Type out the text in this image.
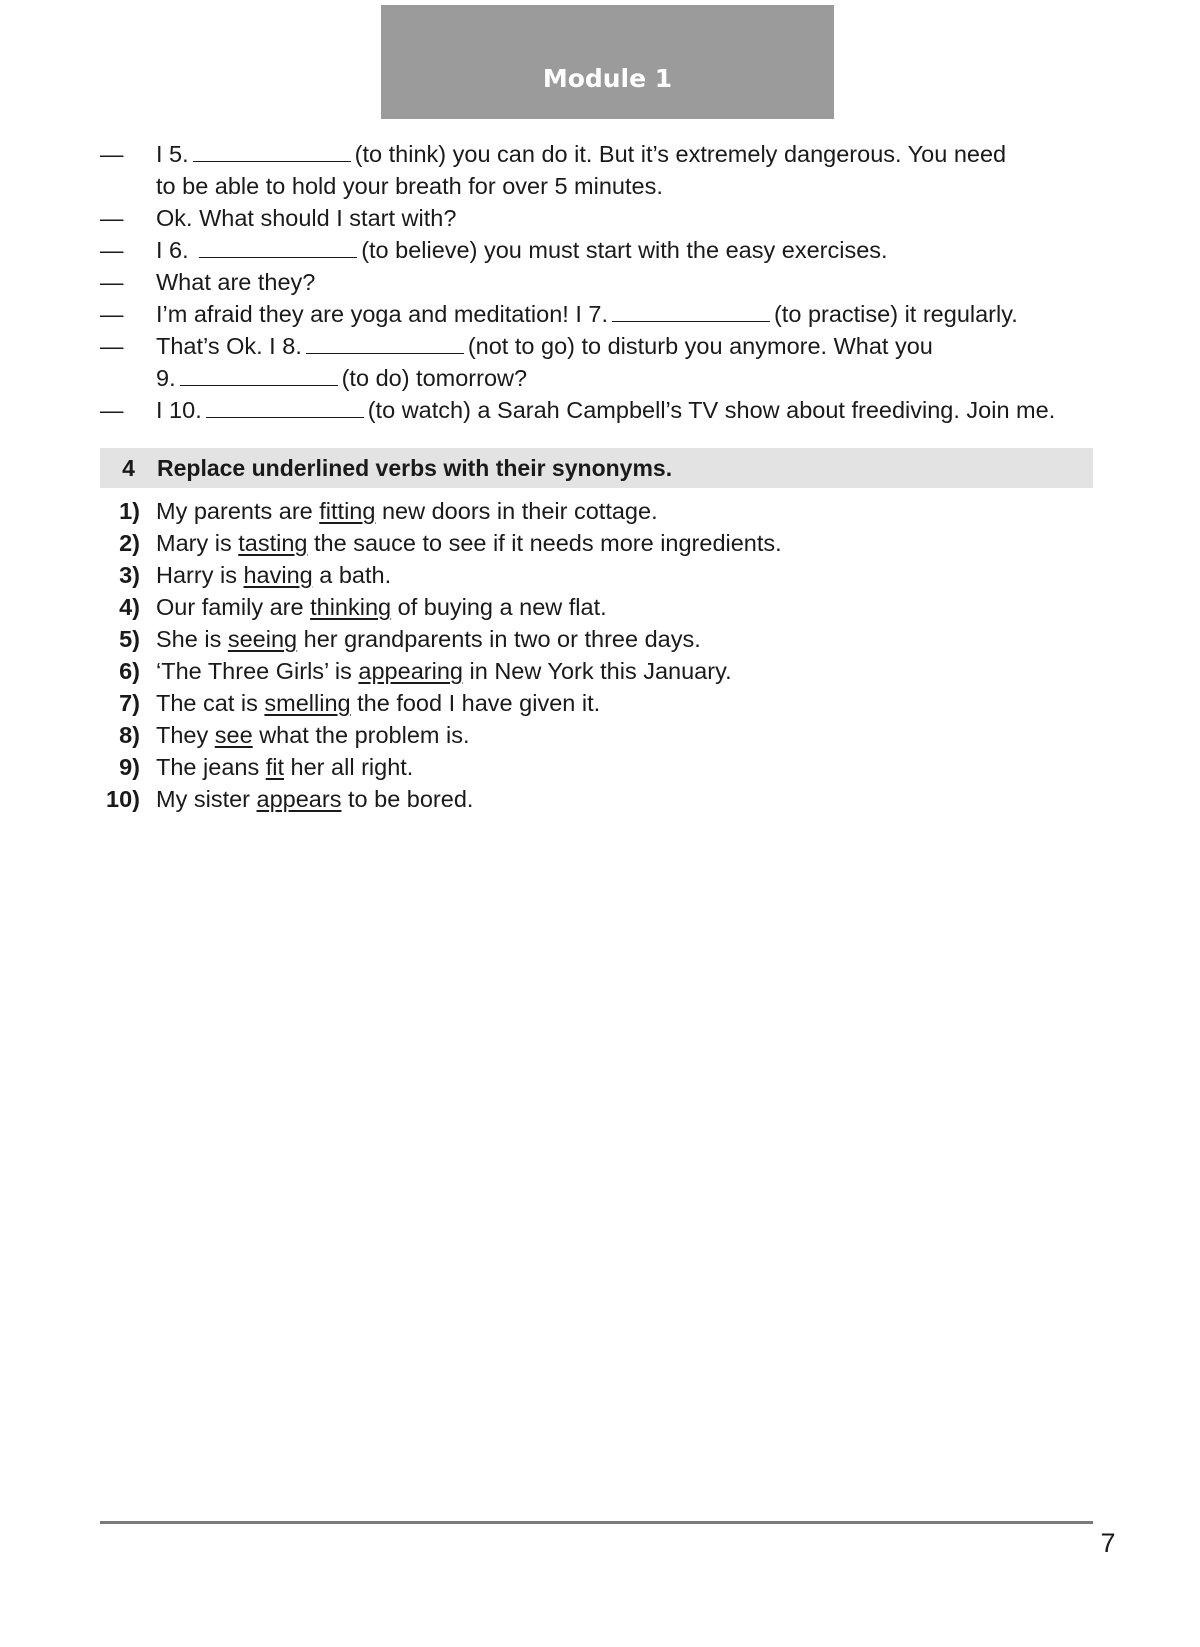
Module 1
—	I 5.	(to think) you can do it. But it’s extremely dangerous. You need
to be able to hold your breath for over 5 minutes.
—	Ok. What should I start with?
—	I 6.	(to believe) you must start with the easy exercises.
—	What are they?
—	I’m afraid they are yoga and meditation! I 7.	(to practise) it regularly.
—	That’s Ok. I 8.	(not to go) to disturb you anymore. What you
9.	(to do) tomorrow?
—	I 10.	(to watch) a Sarah Campbell’s TV show about freediving. Join me.
4 Replace underlined verbs with their synonyms.
1) My parents are fitting new doors in their cottage.
2) Mary is tasting the sauce to see if it needs more ingredients.
3) Harry is having a bath.
4) Our family are thinking of buying a new flat.
5) She is seeing her grandparents in two or three days.
6) ‘The Three Girls’ is appearing in New York this January.
7) The cat is smelling the food I have given it.
8) They see what the problem is.
9) The jeans fit her all right.
10) My sister appears to be bored.
7
